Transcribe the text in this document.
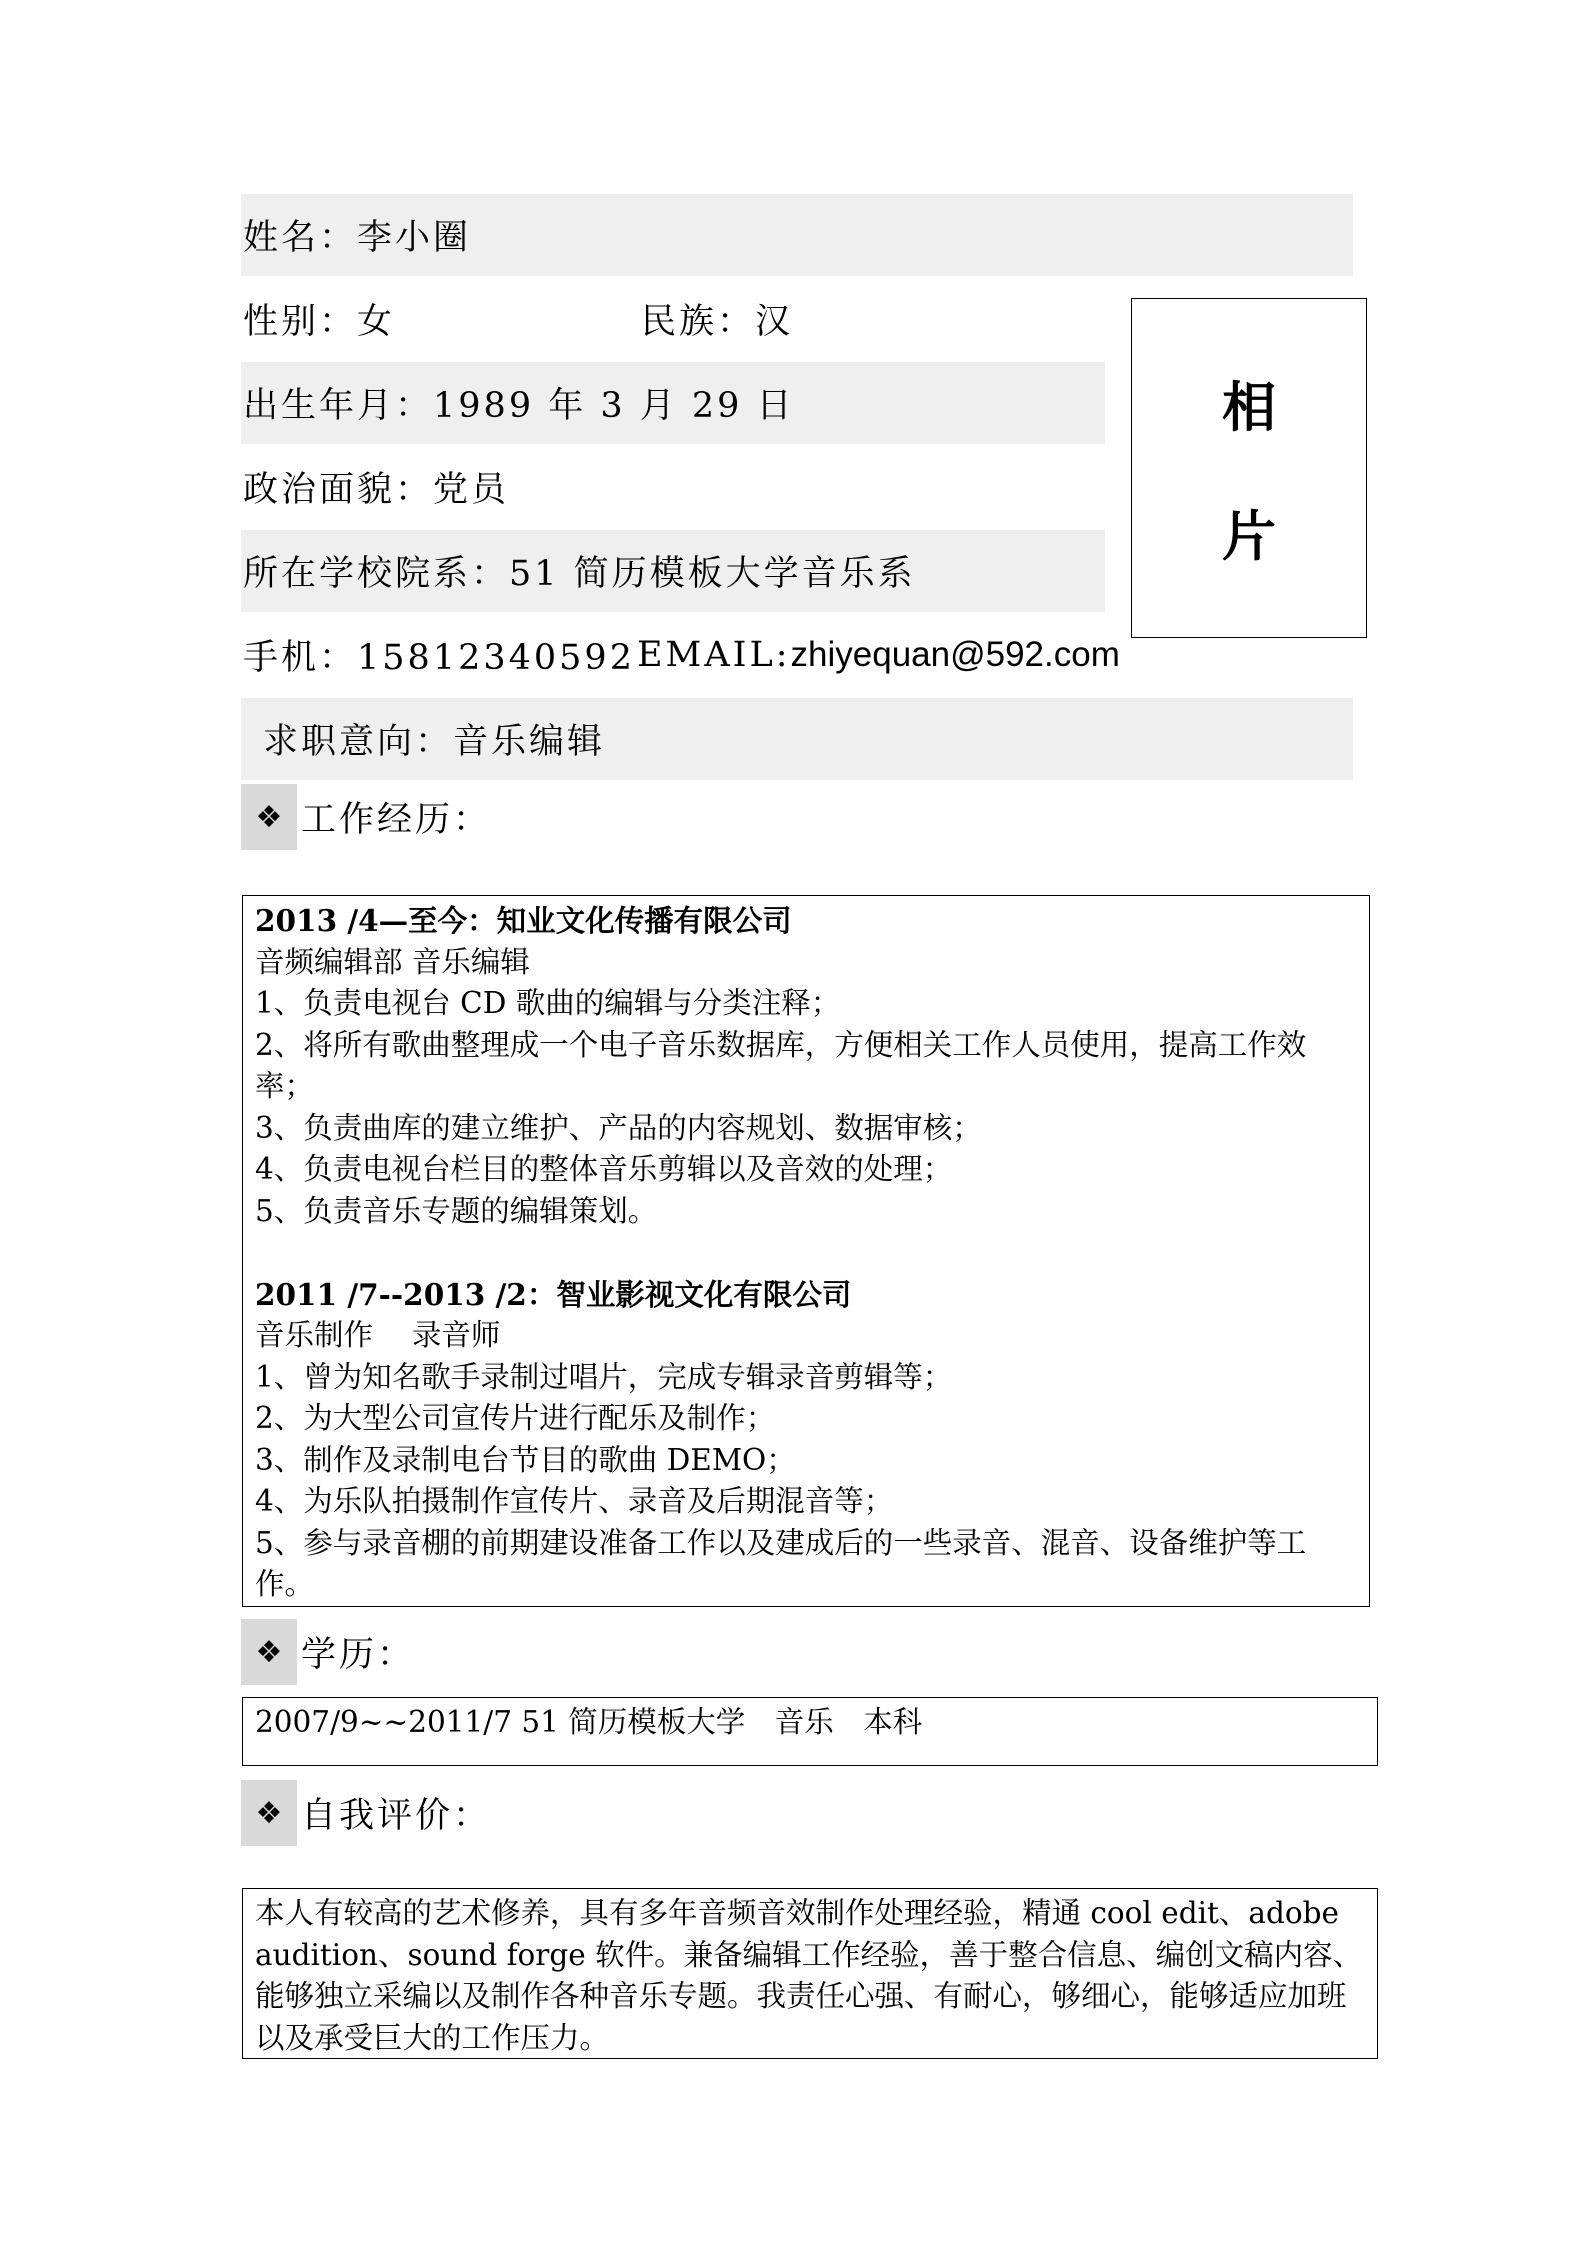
姓名： 李小圈
性别：女	民族：汉
出生年月： 1989 年 3 月 29 日
政治面貌： 党员
所在学校院系： 51 简历模板大学音乐系
手机：15812340592 EMAIL:zhiyequan@592.com
求职意向： 音乐编辑
相
片
❖ 工作经历：
2013 /4—至今：知业文化传播有限公司
音频编辑部 音乐编辑
1、负责电视台 CD 歌曲的编辑与分类注释；
2、将所有歌曲整理成一个电子音乐数据库，方便相关工作人员使用，提高工作效率；
3、负责曲库的建立维护、产品的内容规划、数据审核；
4、负责电视台栏目的整体音乐剪辑以及音效的处理；
5、负责音乐专题的编辑策划。
2011 /7--2013 /2：智业影视文化有限公司
音乐制作　 录音师
1、曾为知名歌手录制过唱片，完成专辑录音剪辑等；
2、为大型公司宣传片进行配乐及制作；
3、制作及录制电台节目的歌曲 DEMO；
4、为乐队拍摄制作宣传片、录音及后期混音等；
5、参与录音棚的前期建设准备工作以及建成后的一些录音、混音、设备维护等工作。
❖ 学历：
2007/9~~2011/7 51 简历模板大学　音乐　本科
❖ 自我评价：
本人有较高的艺术修养，具有多年音频音效制作处理经验，精通 cool edit、adobe audition、sound forge 软件。兼备编辑工作经验，善于整合信息、编创文稿内容、能够独立采编以及制作各种音乐专题。我责任心强、有耐心，够细心，能够适应加班以及承受巨大的工作压力。
